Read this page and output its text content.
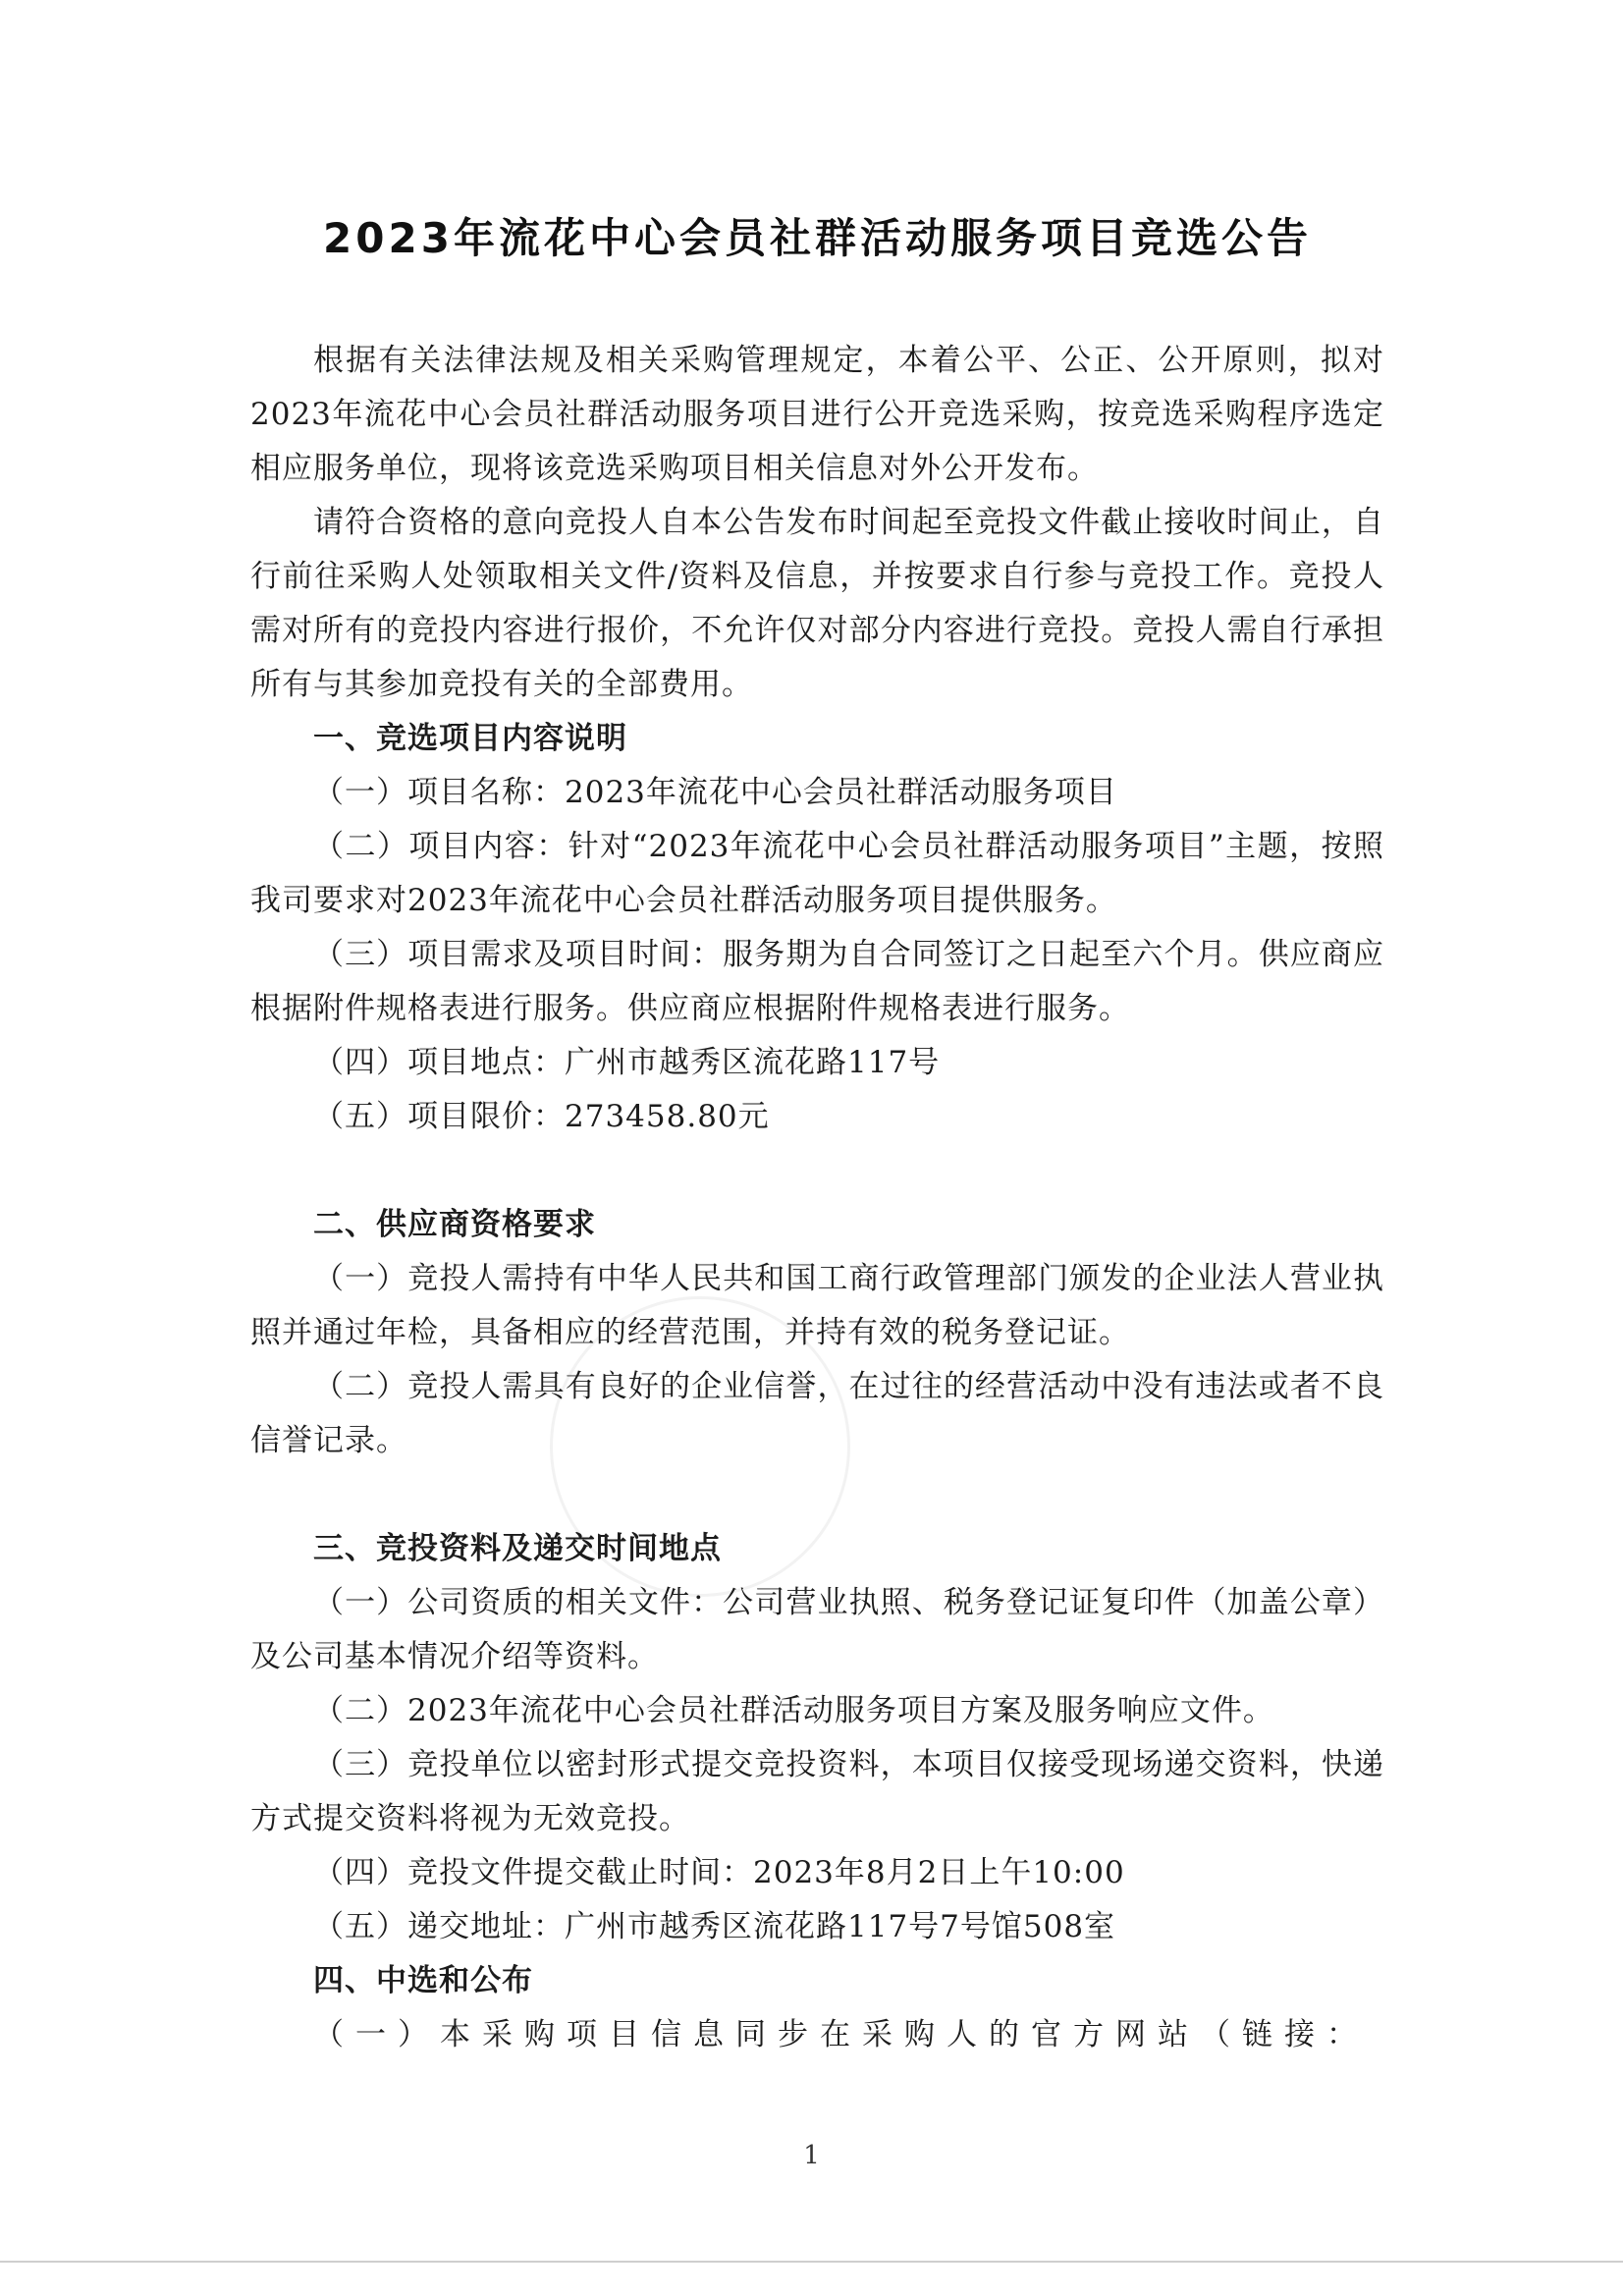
2023年流花中心会员社群活动服务项目竞选公告

根据有关法律法规及相关采购管理规定，本着公平、公正、公开原则，拟对2023年流花中心会员社群活动服务项目进行公开竞选采购，按竞选采购程序选定相应服务单位，现将该竞选采购项目相关信息对外公开发布。

请符合资格的意向竞投人自本公告发布时间起至竞投文件截止接收时间止，自行前往采购人处领取相关文件/资料及信息，并按要求自行参与竞投工作。竞投人需对所有的竞投内容进行报价，不允许仅对部分内容进行竞投。竞投人需自行承担所有与其参加竞投有关的全部费用。

一、竞选项目内容说明

（一）项目名称：2023年流花中心会员社群活动服务项目

（二）项目内容：针对“2023年流花中心会员社群活动服务项目”主题，按照我司要求对2023年流花中心会员社群活动服务项目提供服务。

（三）项目需求及项目时间：服务期为自合同签订之日起至六个月。供应商应根据附件规格表进行服务。供应商应根据附件规格表进行服务。

（四）项目地点：广州市越秀区流花路117号

（五）项目限价：273458.80元

二、供应商资格要求

（一）竞投人需持有中华人民共和国工商行政管理部门颁发的企业法人营业执照并通过年检，具备相应的经营范围，并持有效的税务登记证。

（二）竞投人需具有良好的企业信誉，在过往的经营活动中没有违法或者不良信誉记录。

三、竞投资料及递交时间地点

（一）公司资质的相关文件：公司营业执照、税务登记证复印件（加盖公章）及公司基本情况介绍等资料。

（二）2023年流花中心会员社群活动服务项目方案及服务响应文件。

（三）竞投单位以密封形式提交竞投资料，本项目仅接受现场递交资料，快递方式提交资料将视为无效竞投。

（四）竞投文件提交截止时间：2023年8月2日上午10:00

（五）递交地址：广州市越秀区流花路117号7号馆508室

四、中选和公布

（一）本采购项目信息同步在采购人的官方网站（链接：

1
